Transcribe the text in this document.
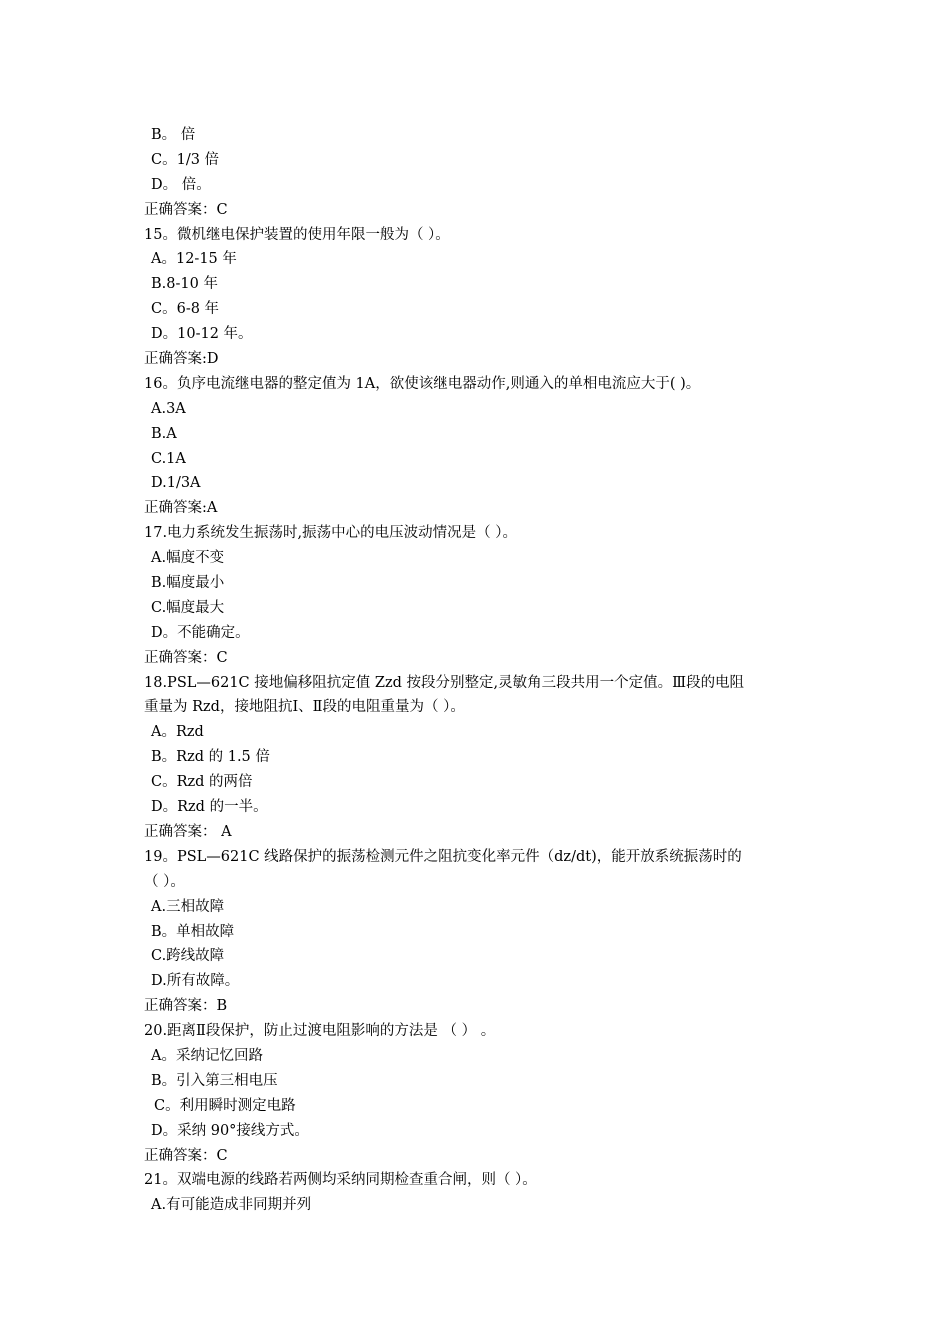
B。 倍
C。1/3 倍
D。 倍。
正确答案：C
15。微机继电保护装置的使用年限一般为（ ）。
A。12-15 年
B.8-10 年
C。6-8 年
D。10-12 年。
正确答案:D
16。负序电流继电器的整定值为 1A，欲使该继电器动作,则通入的单相电流应大于( )。
A.3A
B.A
C.1A
D.1/3A
正确答案:A
17.电力系统发生振荡时,振荡中心的电压波动情况是（ ）。
A.幅度不变
B.幅度最小
C.幅度最大
D。不能确定。
正确答案：C
18.PSL—621C 接地偏移阻抗定值 Zzd 按段分别整定,灵敏角三段共用一个定值。Ⅲ段的电阻
重量为 Rzd，接地阻抗Ⅰ、Ⅱ段的电阻重量为（ ）。
A。Rzd
B。Rzd 的 1.5 倍
C。Rzd 的两倍
D。Rzd 的一半。
正确答案： A
19。PSL—621C 线路保护的振荡检测元件之阻抗变化率元件（dz/dt)，能开放系统振荡时的
（ ）。
A.三相故障
B。单相故障
C.跨线故障
D.所有故障。
正确答案：B
20.距离Ⅱ段保护，防止过渡电阻影响的方法是 （ ） 。
A。采纳记忆回路
B。引入第三相电压
C。利用瞬时测定电路
D。采纳 90°接线方式。
正确答案：C
21。双端电源的线路若两侧均采纳同期检查重合闸，则（ ）。
A.有可能造成非同期并列
